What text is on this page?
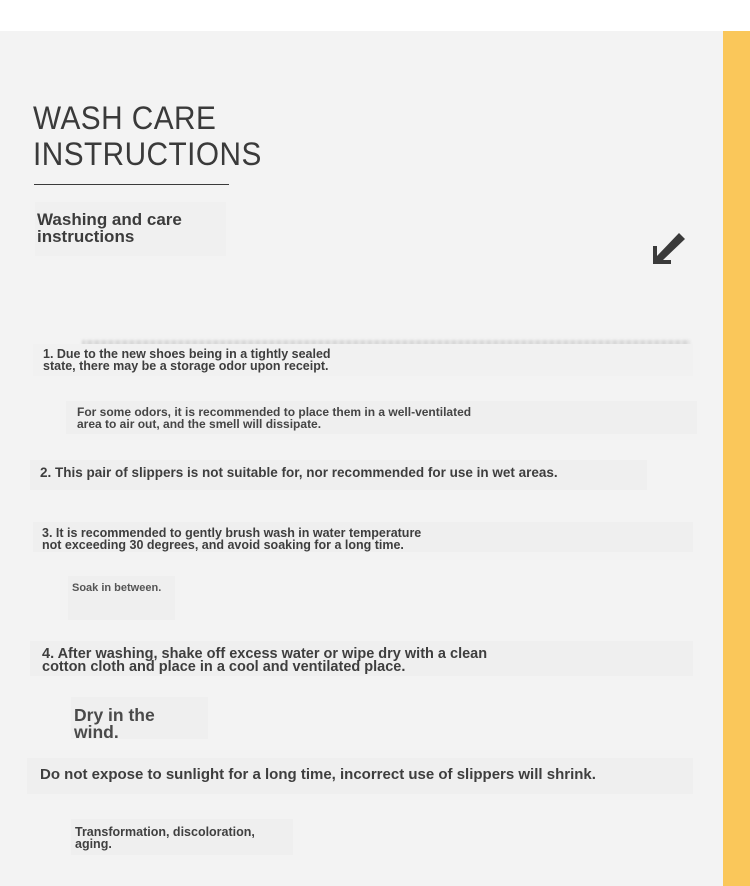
WASH CARE
INSTRUCTIONS
Washing and care
instructions
1. Due to the new shoes being in a tightly sealed
state, there may be a storage odor upon receipt.
For some odors, it is recommended to place them in a well-ventilated
area to air out, and the smell will dissipate.
2. This pair of slippers is not suitable for, nor recommended for use in wet areas.
3. It is recommended to gently brush wash in water temperature
not exceeding 30 degrees, and avoid soaking for a long time.
Soak in between.
4. After washing, shake off excess water or wipe dry with a clean
cotton cloth and place in a cool and ventilated place.
Dry in the
wind.
Do not expose to sunlight for a long time, incorrect use of slippers will shrink.
Transformation, discoloration,
aging.
